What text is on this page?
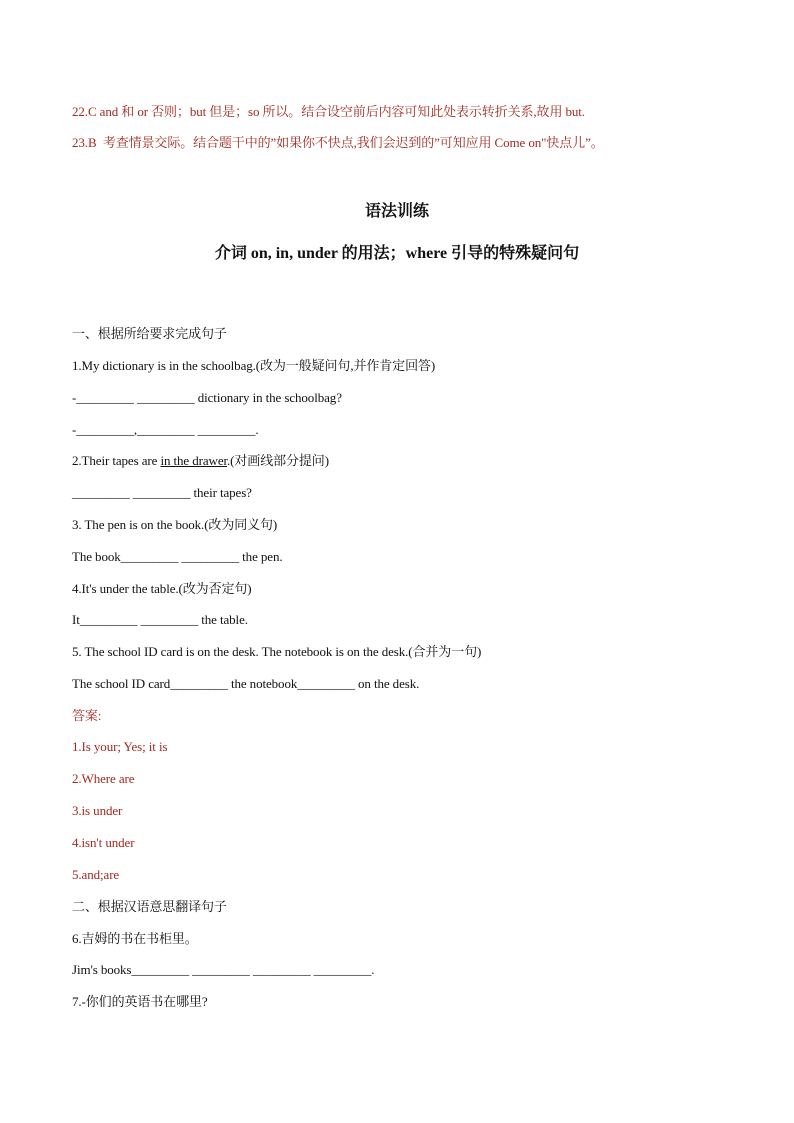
22.C and 和 or 否则；but 但是；so 所以。结合设空前后内容可知此处表示转折关系,故用 but.
23.B  考查情景交际。结合题干中的”如果你不快点,我们会迟到的”可知应用 Come on"快点儿”。
语法训练
介词 on, in, under 的用法；where 引导的特殊疑问句
一、根据所给要求完成句子
1.My dictionary is in the schoolbag.(改为一般疑问句,并作肯定回答)
-_________ _________ dictionary in the schoolbag?
-_________,_________ _________.
2.Their tapes are in the drawer.(对画线部分提问)
_________ _________ their tapes?
3. The pen is on the book.(改为同义句)
The book_________ _________ the pen.
4.It's under the table.(改为否定句)
It_________ _________ the table.
5. The school ID card is on the desk. The notebook is on the desk.(合并为一句)
The school ID card_________ the notebook_________ on the desk.
答案:
1.Is your; Yes; it is
2.Where are
3.is under
4.isn't under
5.and;are
二、根据汉语意思翻译句子
6.吉姆的书在书柜里。
Jim's books_________ _________ _________ _________.
7.-你们的英语书在哪里?
